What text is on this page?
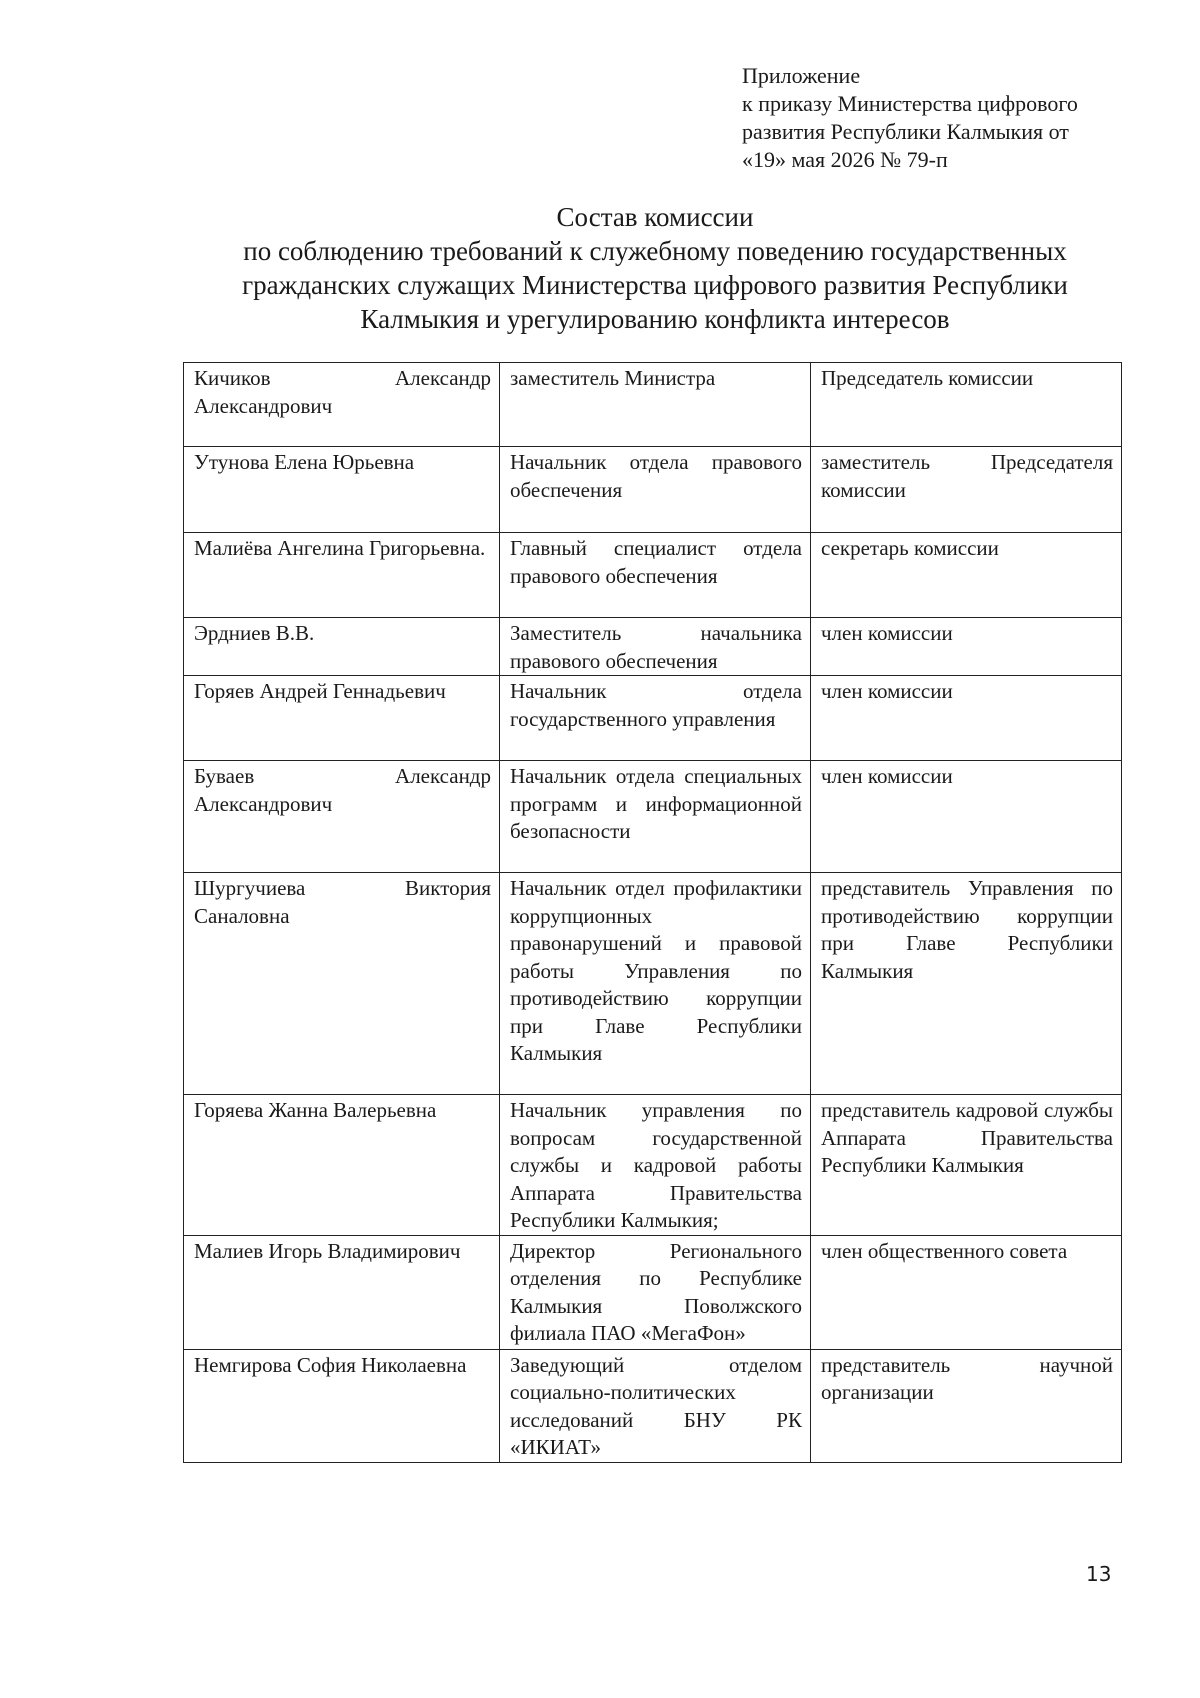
Приложение
к приказу Министерства цифрового
развития Республики Калмыкия от
«19» мая 2026 № 79-п
Состав комиссии
по соблюдению требований к служебному поведению государственных
гражданских служащих Министерства цифрового развития Республики
Калмыкия и урегулированию конфликта интересов
Кичиков Александр Александрович	заместитель Министра	Председатель комиссии
Утунова Елена Юрьевна	Начальник отдела правового обеспечения	заместитель Председателя комиссии
Малиёва Ангелина Григорьевна.	Главный специалист отдела правового обеспечения	секретарь комиссии
Эрдниев В.В.	Заместитель начальника правового обеспечения	член комиссии
Горяев Андрей Геннадьевич	Начальник отдела государственного управления	член комиссии
Буваев Александр Александрович	Начальник отдела специальных программ и информационной безопасности	член комиссии
Шургучиева Виктория Саналовна	Начальник отдел профилактики коррупционных правонарушений и правовой работы Управления по противодействию коррупции при Главе Республики Калмыкия	представитель Управления по противодействию коррупции при Главе Республики Калмыкия
Горяева Жанна Валерьевна	Начальник управления по вопросам государственной службы и кадровой работы Аппарата Правительства Республики Калмыкия;	представитель кадровой службы Аппарата Правительства Республики Калмыкия
Малиев Игорь Владимирович	Директор Регионального отделения по Республике Калмыкия Поволжского филиала ПАО «МегаФон»	член общественного совета
Немгирова София Николаевна	Заведующий отделом социально-политических исследований БНУ РК «ИКИАТ»	представитель научной организации
13
